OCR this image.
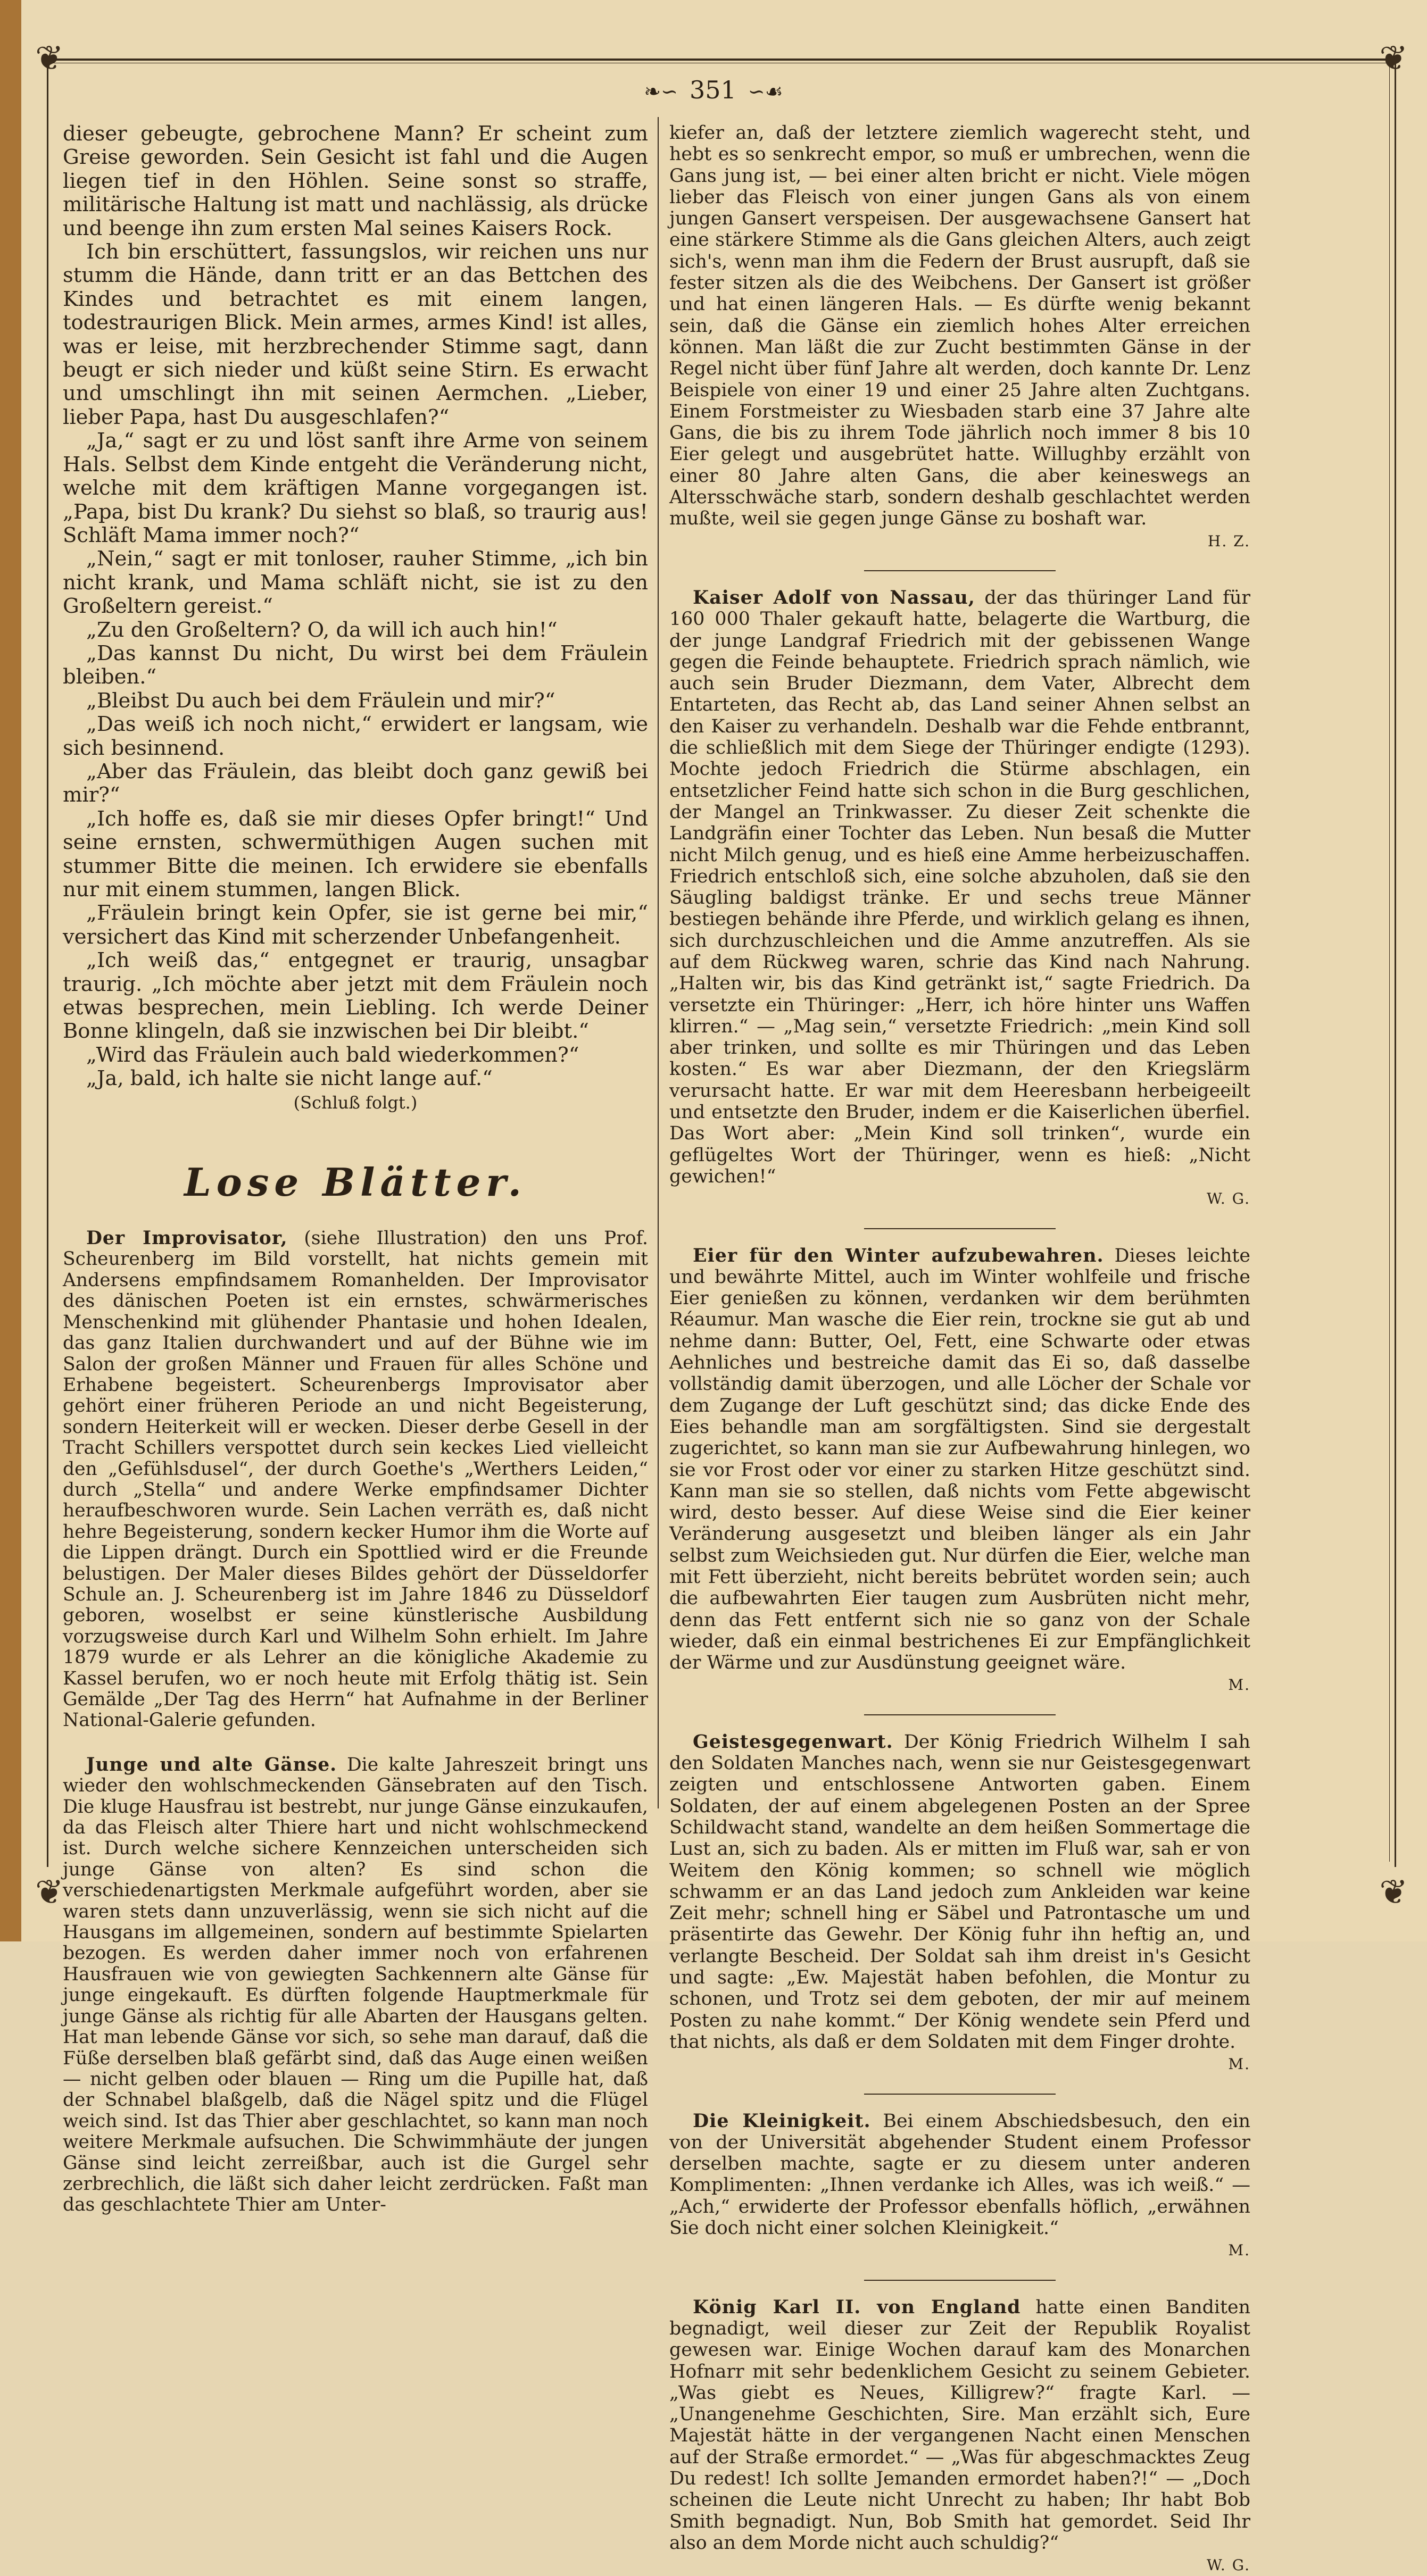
❦	❦
❧∽ 351 ∽☙

dieser gebeugte, gebrochene Mann? Er scheint zum Greise geworden. Sein Gesicht ist fahl und die Augen liegen tief in den Höhlen. Seine sonst so straffe, militärische Haltung ist matt und nachlässig, als drücke und beenge ihn zum ersten Mal seines Kaisers Rock.

Ich bin erschüttert, fassungslos, wir reichen uns nur stumm die Hände, dann tritt er an das Bettchen des Kindes und betrachtet es mit einem langen, todestraurigen Blick. Mein armes, armes Kind! ist alles, was er leise, mit herzbrechender Stimme sagt, dann beugt er sich nieder und küßt seine Stirn. Es erwacht und umschlingt ihn mit seinen Aermchen. „Lieber, lieber Papa, hast Du ausgeschlafen?“

„Ja,“ sagt er zu und löst sanft ihre Arme von seinem Hals. Selbst dem Kinde entgeht die Veränderung nicht, welche mit dem kräftigen Manne vorgegangen ist. „Papa, bist Du krank? Du siehst so blaß, so traurig aus! Schläft Mama immer noch?“

„Nein,“ sagt er mit tonloser, rauher Stimme, „ich bin nicht krank, und Mama schläft nicht, sie ist zu den Großeltern gereist.“

„Zu den Großeltern? O, da will ich auch hin!“

„Das kannst Du nicht, Du wirst bei dem Fräulein bleiben.“

„Bleibst Du auch bei dem Fräulein und mir?“

„Das weiß ich noch nicht,“ erwidert er langsam, wie sich besinnend.

„Aber das Fräulein, das bleibt doch ganz gewiß bei mir?“

„Ich hoffe es, daß sie mir dieses Opfer bringt!“ Und seine ernsten, schwermüthigen Augen suchen mit stummer Bitte die meinen. Ich erwidere sie ebenfalls nur mit einem stummen, langen Blick.

„Fräulein bringt kein Opfer, sie ist gerne bei mir,“ versichert das Kind mit scherzender Unbefangenheit.

„Ich weiß das,“ entgegnet er traurig, unsagbar traurig. „Ich möchte aber jetzt mit dem Fräulein noch etwas besprechen, mein Liebling. Ich werde Deiner Bonne klingeln, daß sie inzwischen bei Dir bleibt.“

„Wird das Fräulein auch bald wiederkommen?“

„Ja, bald, ich halte sie nicht lange auf.“

(Schluß folgt.)

Lose Blätter.

Der Improvisator, (siehe Illustration) den uns Prof. Scheurenberg im Bild vorstellt, hat nichts gemein mit Andersens empfindsamem Romanhelden. Der Improvisator des dänischen Poeten ist ein ernstes, schwärmerisches Menschenkind mit glühender Phantasie und hohen Idealen, das ganz Italien durchwandert und auf der Bühne wie im Salon der großen Männer und Frauen für alles Schöne und Erhabene begeistert. Scheurenbergs Improvisator aber gehört einer früheren Periode an und nicht Begeisterung, sondern Heiterkeit will er wecken. Dieser derbe Gesell in der Tracht Schillers verspottet durch sein keckes Lied vielleicht den „Gefühlsdusel“, der durch Goethe's „Werthers Leiden,“ durch „Stella“ und andere Werke empfindsamer Dichter heraufbeschworen wurde. Sein Lachen verräth es, daß nicht hehre Begeisterung, sondern kecker Humor ihm die Worte auf die Lippen drängt. Durch ein Spottlied wird er die Freunde belustigen. Der Maler dieses Bildes gehört der Düsseldorfer Schule an. J. Scheurenberg ist im Jahre 1846 zu Düsseldorf geboren, woselbst er seine künstlerische Ausbildung vorzugsweise durch Karl und Wilhelm Sohn erhielt. Im Jahre 1879 wurde er als Lehrer an die königliche Akademie zu Kassel berufen, wo er noch heute mit Erfolg thätig ist. Sein Gemälde „Der Tag des Herrn“ hat Aufnahme in der Berliner National-Galerie gefunden.

Junge und alte Gänse. Die kalte Jahreszeit bringt uns wieder den wohlschmeckenden Gänsebraten auf den Tisch. Die kluge Hausfrau ist bestrebt, nur junge Gänse einzukaufen, da das Fleisch alter Thiere hart und nicht wohlschmeckend ist. Durch welche sichere Kennzeichen unterscheiden sich junge Gänse von alten? Es sind schon die verschiedenartigsten Merkmale aufgeführt worden, aber sie waren stets dann unzuverlässig, wenn sie sich nicht auf die Hausgans im allgemeinen, sondern auf bestimmte Spielarten bezogen. Es werden daher immer noch von erfahrenen Hausfrauen wie von gewiegten Sachkennern alte Gänse für junge eingekauft. Es dürften folgende Hauptmerkmale für junge Gänse als richtig für alle Abarten der Hausgans gelten. Hat man lebende Gänse vor sich, so sehe man darauf, daß die Füße derselben blaß gefärbt sind, daß das Auge einen weißen — nicht gelben oder blauen — Ring um die Pupille hat, daß der Schnabel blaßgelb, daß die Nägel spitz und die Flügel weich sind. Ist das Thier aber geschlachtet, so kann man noch weitere Merkmale aufsuchen. Die Schwimmhäute der jungen Gänse sind leicht zerreißbar, auch ist die Gurgel sehr zerbrechlich, die läßt sich daher leicht zerdrücken. Faßt man das geschlachtete Thier am Unter-

kiefer an, daß der letztere ziemlich wagerecht steht, und hebt es so senkrecht empor, so muß er umbrechen, wenn die Gans jung ist, — bei einer alten bricht er nicht. Viele mögen lieber das Fleisch von einer jungen Gans als von einem jungen Gansert verspeisen. Der ausgewachsene Gansert hat eine stärkere Stimme als die Gans gleichen Alters, auch zeigt sich's, wenn man ihm die Federn der Brust ausrupft, daß sie fester sitzen als die des Weibchens. Der Gansert ist größer und hat einen längeren Hals. — Es dürfte wenig bekannt sein, daß die Gänse ein ziemlich hohes Alter erreichen können. Man läßt die zur Zucht bestimmten Gänse in der Regel nicht über fünf Jahre alt werden, doch kannte Dr. Lenz Beispiele von einer 19 und einer 25 Jahre alten Zuchtgans. Einem Forstmeister zu Wiesbaden starb eine 37 Jahre alte Gans, die bis zu ihrem Tode jährlich noch immer 8 bis 10 Eier gelegt und ausgebrütet hatte. Willughby erzählt von einer 80 Jahre alten Gans, die aber keineswegs an Altersschwäche starb, sondern deshalb geschlachtet werden mußte, weil sie gegen junge Gänse zu boshaft war.

H. Z.

Kaiser Adolf von Nassau, der das thüringer Land für 160 000 Thaler gekauft hatte, belagerte die Wartburg, die der junge Landgraf Friedrich mit der gebissenen Wange gegen die Feinde behauptete. Friedrich sprach nämlich, wie auch sein Bruder Diezmann, dem Vater, Albrecht dem Entarteten, das Recht ab, das Land seiner Ahnen selbst an den Kaiser zu verhandeln. Deshalb war die Fehde entbrannt, die schließlich mit dem Siege der Thüringer endigte (1293). Mochte jedoch Friedrich die Stürme abschlagen, ein entsetzlicher Feind hatte sich schon in die Burg geschlichen, der Mangel an Trinkwasser. Zu dieser Zeit schenkte die Landgräfin einer Tochter das Leben. Nun besaß die Mutter nicht Milch genug, und es hieß eine Amme herbeizuschaffen. Friedrich entschloß sich, eine solche abzuholen, daß sie den Säugling baldigst tränke. Er und sechs treue Männer bestiegen behände ihre Pferde, und wirklich gelang es ihnen, sich durchzuschleichen und die Amme anzutreffen. Als sie auf dem Rückweg waren, schrie das Kind nach Nahrung. „Halten wir, bis das Kind getränkt ist,“ sagte Friedrich. Da versetzte ein Thüringer: „Herr, ich höre hinter uns Waffen klirren.“ — „Mag sein,“ versetzte Friedrich: „mein Kind soll aber trinken, und sollte es mir Thüringen und das Leben kosten.“ Es war aber Diezmann, der den Kriegslärm verursacht hatte. Er war mit dem Heeresbann herbeigeeilt und entsetzte den Bruder, indem er die Kaiserlichen überfiel. Das Wort aber: „Mein Kind soll trinken“, wurde ein geflügeltes Wort der Thüringer, wenn es hieß: „Nicht gewichen!“

W. G.

Eier für den Winter aufzubewahren. Dieses leichte und bewährte Mittel, auch im Winter wohlfeile und frische Eier genießen zu können, verdanken wir dem berühmten Réaumur. Man wasche die Eier rein, trockne sie gut ab und nehme dann: Butter, Oel, Fett, eine Schwarte oder etwas Aehnliches und bestreiche damit das Ei so, daß dasselbe vollständig damit überzogen, und alle Löcher der Schale vor dem Zugange der Luft geschützt sind; das dicke Ende des Eies behandle man am sorgfältigsten. Sind sie dergestalt zugerichtet, so kann man sie zur Aufbewahrung hinlegen, wo sie vor Frost oder vor einer zu starken Hitze geschützt sind. Kann man sie so stellen, daß nichts vom Fette abgewischt wird, desto besser. Auf diese Weise sind die Eier keiner Veränderung ausgesetzt und bleiben länger als ein Jahr selbst zum Weichsieden gut. Nur dürfen die Eier, welche man mit Fett überzieht, nicht bereits bebrütet worden sein; auch die aufbewahrten Eier taugen zum Ausbrüten nicht mehr, denn das Fett entfernt sich nie so ganz von der Schale wieder, daß ein einmal bestrichenes Ei zur Empfänglichkeit der Wärme und zur Ausdünstung geeignet wäre.

M.

Geistesgegenwart. Der König Friedrich Wilhelm I sah den Soldaten Manches nach, wenn sie nur Geistesgegenwart zeigten und entschlossene Antworten gaben. Einem Soldaten, der auf einem abgelegenen Posten an der Spree Schildwacht stand, wandelte an dem heißen Sommertage die Lust an, sich zu baden. Als er mitten im Fluß war, sah er von Weitem den König kommen; so schnell wie möglich schwamm er an das Land jedoch zum Ankleiden war keine Zeit mehr; schnell hing er Säbel und Patrontasche um und präsentirte das Gewehr. Der König fuhr ihn heftig an, und verlangte Bescheid. Der Soldat sah ihm dreist in's Gesicht und sagte: „Ew. Majestät haben befohlen, die Montur zu schonen, und Trotz sei dem geboten, der mir auf meinem Posten zu nahe kommt.“ Der König wendete sein Pferd und that nichts, als daß er dem Soldaten mit dem Finger drohte.

M.

Die Kleinigkeit. Bei einem Abschiedsbesuch, den ein von der Universität abgehender Student einem Professor derselben machte, sagte er zu diesem unter anderen Komplimenten: „Ihnen verdanke ich Alles, was ich weiß.“ — „Ach,“ erwiderte der Professor ebenfalls höflich, „erwähnen Sie doch nicht einer solchen Kleinigkeit.“

M.

König Karl II. von England hatte einen Banditen begnadigt, weil dieser zur Zeit der Republik Royalist gewesen war. Einige Wochen darauf kam des Monarchen Hofnarr mit sehr bedenklichem Gesicht zu seinem Gebieter. „Was giebt es Neues, Killigrew?“ fragte Karl. — „Unangenehme Geschichten, Sire. Man erzählt sich, Eure Majestät hätte in der vergangenen Nacht einen Menschen auf der Straße ermordet.“ — „Was für abgeschmacktes Zeug Du redest! Ich sollte Jemanden ermordet haben?!“ — „Doch scheinen die Leute nicht Unrecht zu haben; Ihr habt Bob Smith begnadigt. Nun, Bob Smith hat gemordet. Seid Ihr also an dem Morde nicht auch schuldig?“

W. G.
❦	❦
